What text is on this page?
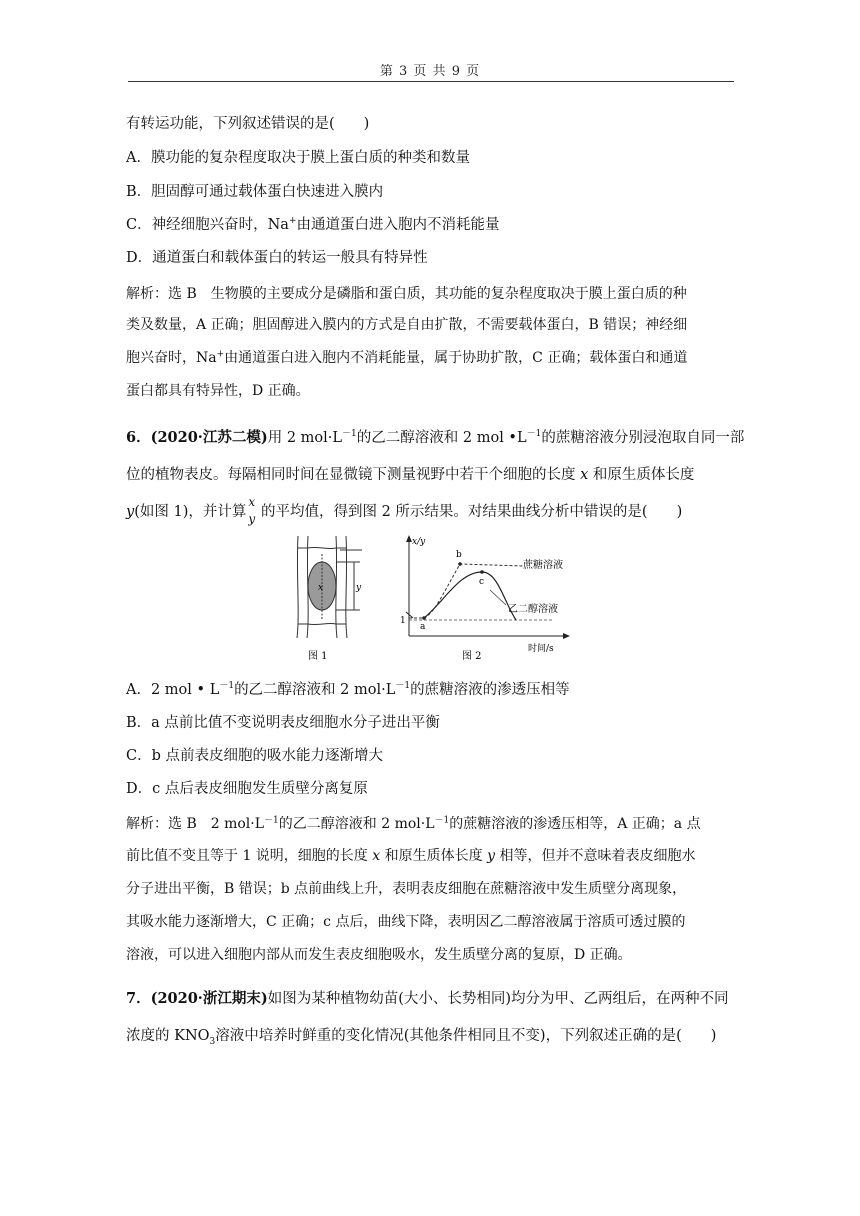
第 3 页 共 9 页
有转运功能，下列叙述错误的是(　　)
A．膜功能的复杂程度取决于膜上蛋白质的种类和数量
B．胆固醇可通过载体蛋白快速进入膜内
C．神经细胞兴奋时，Na+由通道蛋白进入胞内不消耗能量
D．通道蛋白和载体蛋白的转运一般具有特异性
解析：选 B　生物膜的主要成分是磷脂和蛋白质，其功能的复杂程度取决于膜上蛋白质的种
类及数量，A 正确；胆固醇进入膜内的方式是自由扩散，不需要载体蛋白，B 错误；神经细
胞兴奋时，Na+由通道蛋白进入胞内不消耗能量，属于协助扩散，C 正确；载体蛋白和通道
蛋白都具有特异性，D 正确。
6．(2020·江苏二模)用 2 $mol\cdot L^{-1}$的乙二醇溶液和 2 mol $•L^{-1}$的蔗糖溶液分别浸泡取自同一部
位的植物表皮。每隔相同时间在显微镜下测量视野中若干个细胞的长度 x 和原生质体长度
y(如图 1)，并计算
x
y 的平均值，得到图 2 所示结果。对结果曲线分析中错误的是(　　)
x	y
图 1
x/y
1
a
b
c
蔗糖溶液
乙二醇溶液
时间/s
图 2
A．2 mol • $L^{-1}$的乙二醇溶液和 2 $mol\cdot L^{-1}$的蔗糖溶液的渗透压相等
B．a 点前比值不变说明表皮细胞水分子进出平衡
C．b 点前表皮细胞的吸水能力逐渐增大
D．c 点后表皮细胞发生质壁分离复原
解析：选 B　2 $mol\cdot L^{-1}$的乙二醇溶液和 2 $mol\cdot L^{-1}$的蔗糖溶液的渗透压相等，A 正确；a 点
前比值不变且等于 1 说明，细胞的长度 x 和原生质体长度 y 相等，但并不意味着表皮细胞水
分子进出平衡，B 错误；b 点前曲线上升，表明表皮细胞在蔗糖溶液中发生质壁分离现象，
其吸水能力逐渐增大，C 正确；c 点后，曲线下降，表明因乙二醇溶液属于溶质可透过膜的
溶液，可以进入细胞内部从而发生表皮细胞吸水，发生质壁分离的复原，D 正确。
7．(2020·浙江期末)如图为某种植物幼苗(大小、长势相同)均分为甲、乙两组后，在两种不同
浓度的 $KNO_3$溶液中培养时鲜重的变化情况(其他条件相同且不变)，下列叙述正确的是(　　)
